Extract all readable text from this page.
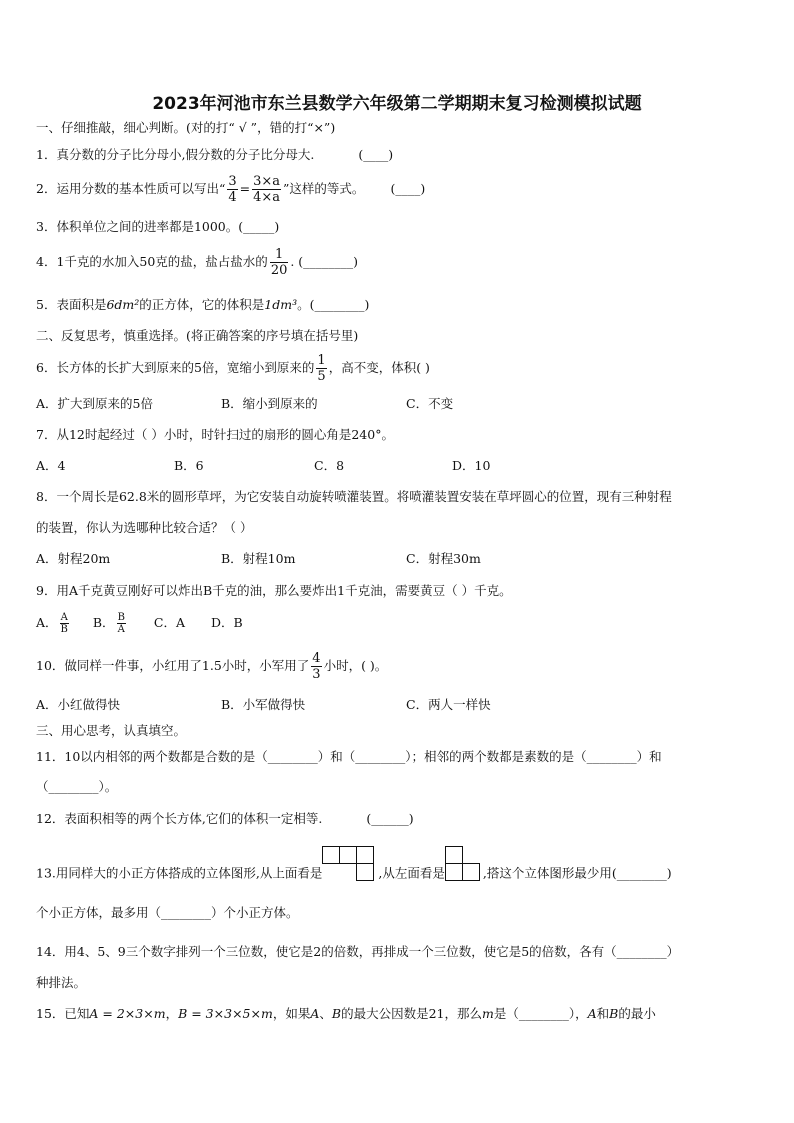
2023年河池市东兰县数学六年级第二学期期末复习检测模拟试题
一、仔细推敲，细心判断。(对的打“ √ ”，错的打“×”)
1．真分数的分子比分母小,假分数的分子比分母大.	(____)
2．运用分数的基本性质可以写出“ $\frac{3}{4} = \frac{3\times a}{4\times a}$ ”这样的等式。 (____)
3．体积单位之间的进率都是1000。(_____)
4．1千克的水加入50克的盐，盐占盐水的 $\frac{1}{20}$ . (________)
5．表面积是6dm²的正方体，它的体积是1dm³。(________)
二、反复思考，慎重选择。(将正确答案的序号填在括号里)
6．长方体的长扩大到原来的5倍，宽缩小到原来的 $\frac{1}{5}$ ，高不变，体积( )
A．扩大到原来的5倍	B．缩小到原来的	C．不变
7．从12时起经过（ ）小时，时针扫过的扇形的圆心角是240°。
A．4	B．6	C．8	D．10
8．一个周长是62.8米的圆形草坪，为它安装自动旋转喷灌装置。将喷灌装置安装在草坪圆心的位置，现有三种射程
的装置，你认为选哪种比较合适？（ ）
A．射程20m	B．射程10m	C．射程30m
9．用A千克黄豆刚好可以炸出B千克的油，那么要炸出1千克油，需要黄豆（ ）千克。
A． $\frac{A}{B}$ B． $\frac{B}{A}$ C．A D．B
10．做同样一件事，小红用了1.5小时，小军用了 $\frac{4}{3}$ 小时，( )。
A．小红做得快	B．小军做得快	C．两人一样快
三、用心思考，认真填空。
11．10以内相邻的两个数都是合数的是（________）和（________）；相邻的两个数都是素数的是（________）和
（________）。
12．表面积相等的两个长方体,它们的体积一定相等.	(______)
13.用同样大的小正方体搭成的立体图形,从上面看是	,从左面看是	,搭这个立体图形最少用(________)
个小正方体，最多用（________）个小正方体。
14．用4、5、9三个数字排列一个三位数，使它是2的倍数，再排成一个三位数，使它是5的倍数，各有（________）
种排法。
15．已知A = 2×3×m，B = 3×3×5×m，如果A、B的最大公因数是21，那么m是（________），A和B的最小
